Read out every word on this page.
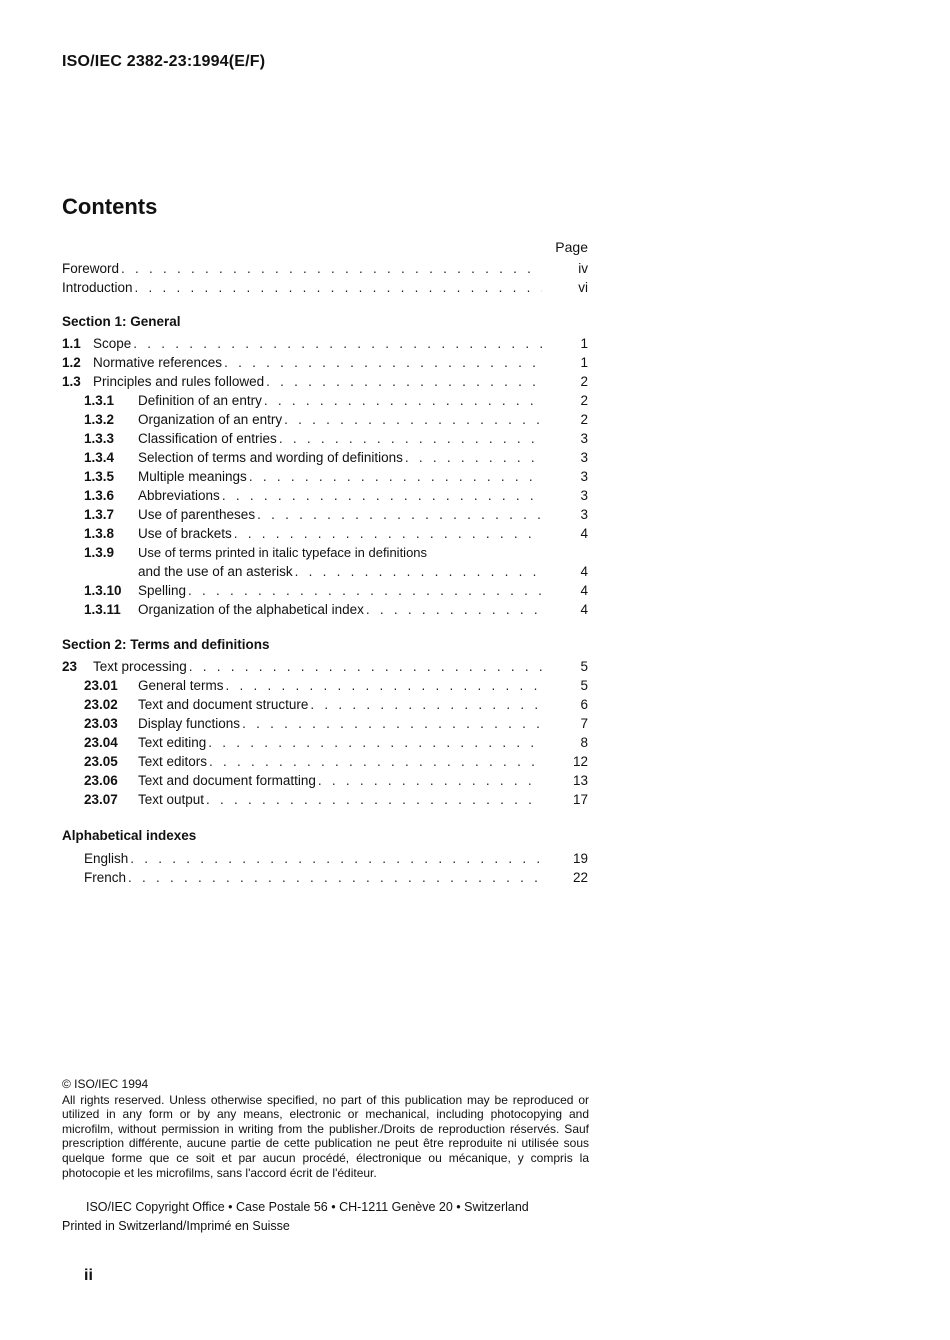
ISO/IEC 2382-23:1994(E/F)
Contents
Page
Foreword . . .	iv
Introduction . . .	vi
Section 1: General
1.1 Scope . . .	1
1.2 Normative references . . .	1
1.3 Principles and rules followed . . .	2
1.3.1	Definition of an entry . . .	2
1.3.2	Organization of an entry . . .	2
1.3.3	Classification of entries . . .	3
1.3.4	Selection of terms and wording of definitions . . .	3
1.3.5	Multiple meanings . . .	3
1.3.6	Abbreviations . . .	3
1.3.7	Use of parentheses . . .	3
1.3.8	Use of brackets . . .	4
1.3.9	Use of terms printed in italic typeface in definitions
and the use of an asterisk . . .	4
1.3.10	Spelling . . .	4
1.3.11	Organization of the alphabetical index . . .	4
Section 2: Terms and definitions
23	Text processing . . .	5
23.01	General terms . . .	5
23.02	Text and document structure . . .	6
23.03	Display functions . . .	7
23.04	Text editing . . .	8
23.05	Text editors . . .	12
23.06	Text and document formatting . . .	13
23.07	Text output . . .	17
Alphabetical indexes
English . . .	19
French . . .	22
© ISO/IEC 1994
All rights reserved. Unless otherwise specified, no part of this publication may be reproduced or utilized in any form or by any means, electronic or mechanical, including photocopying and microfilm, without permission in writing from the publisher./Droits de reproduction réservés. Sauf prescription différente, aucune partie de cette publication ne peut être reproduite ni utilisée sous quelque forme que ce soit et par aucun procédé, électronique ou mécanique, y compris la photocopie et les microfilms, sans l'accord écrit de l'éditeur.
ISO/IEC Copyright Office • Case Postale 56 • CH-1211 Genève 20 • Switzerland
Printed in Switzerland/Imprimé en Suisse
ii
